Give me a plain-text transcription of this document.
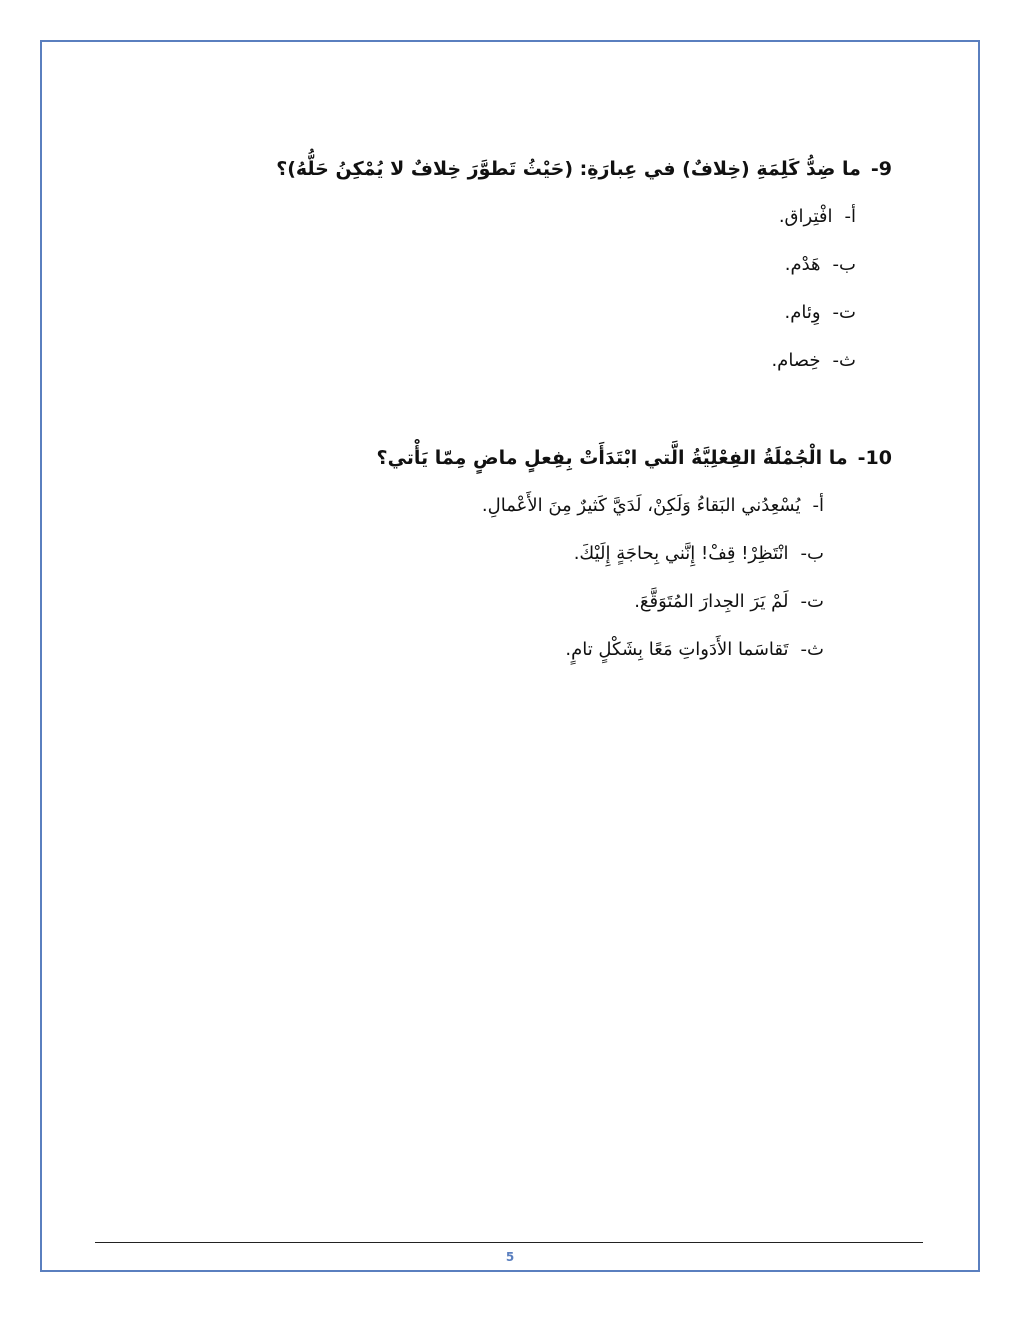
9-ما ضِدُّ كَلِمَةِ (خِلافٌ) في عِبارَةِ: (حَيْثُ تَطوَّرَ خِلافٌ لا يُمْكِنُ حَلُّهُ)؟

أ-افْتِراق.
ب-هَدْم.
ت-وِئام.
ث-خِصام.

10-ما الْجُمْلَةُ الفِعْلِيَّةُ الَّتي ابْتَدَأَتْ بِفِعلٍ ماضٍ مِمّا يَأْتي؟

أ-يُسْعِدُني البَقاءُ وَلَكِنْ، لَدَيَّ كَثيرٌ مِنَ الأَعْمالِ.
ب-انْتَظِرْ! قِفْ! إِنَّني بِحاجَةٍ إِلَيْكَ.
ت-لَمْ يَرَ الجِدارَ المُتَوَقَّعَ.
ث-تَقاسَما الأَدَواتِ مَعًا بِشَكْلٍ تامٍ.
5
